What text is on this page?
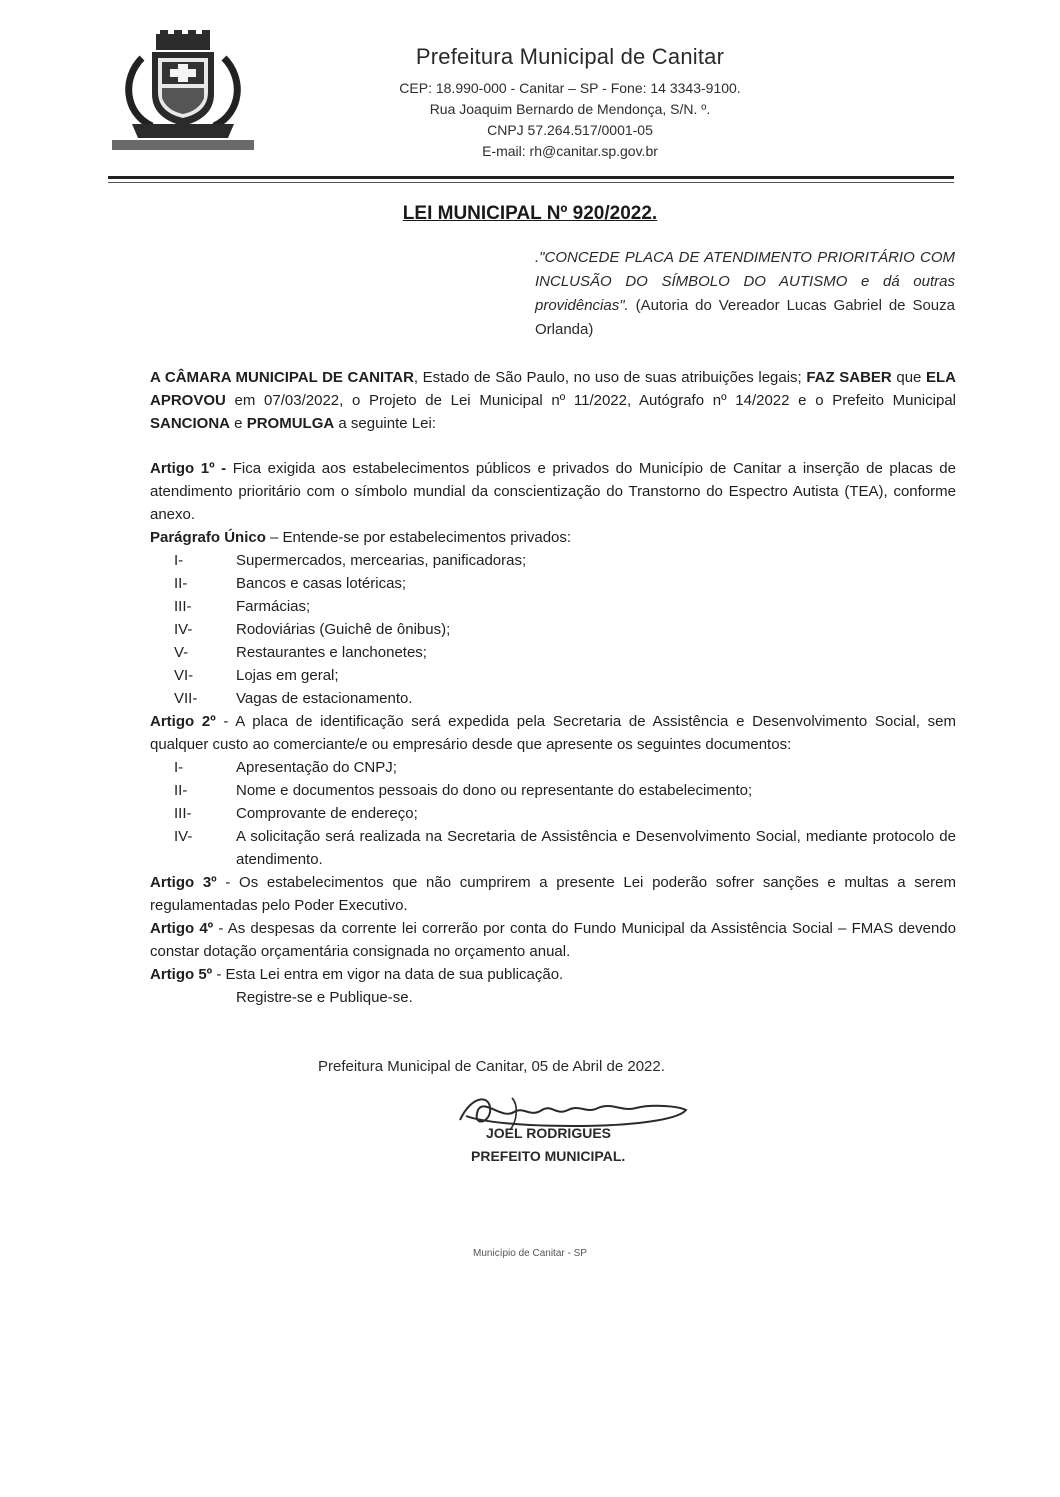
Prefeitura Municipal de Canitar

CEP: 18.990-000 - Canitar – SP - Fone: 14 3343-9100.

Rua Joaquim Bernardo de Mendonça, S/N. º.

CNPJ 57.264.517/0001-05

E-mail: rh@canitar.sp.gov.br

LEI MUNICIPAL Nº 920/2022.
."CONCEDE PLACA DE ATENDIMENTO PRIORITÁRIO COM INCLUSÃO DO SÍMBOLO DO AUTISMO e dá outras providências". (Autoria do Vereador Lucas Gabriel de Souza Orlanda)

A CÂMARA MUNICIPAL DE CANITAR, Estado de São Paulo, no uso de suas atribuições legais; FAZ SABER que ELA APROVOU em 07/03/2022, o Projeto de Lei Municipal nº 11/2022, Autógrafo nº 14/2022 e o Prefeito Municipal SANCIONA e PROMULGA a seguinte Lei:

Artigo 1º - Fica exigida aos estabelecimentos públicos e privados do Município de Canitar a inserção de placas de atendimento prioritário com o símbolo mundial da conscientização do Transtorno do Espectro Autista (TEA), conforme anexo.

Parágrafo Único – Entende-se por estabelecimentos privados:

I-	Supermercados, mercearias, panificadoras;
II-	Bancos e casas lotéricas;
III-	Farmácias;
IV-	Rodoviárias (Guichê de ônibus);
V-	Restaurantes e lanchonetes;
VI-	Lojas em geral;
VII-	Vagas de estacionamento.

Artigo 2º - A placa de identificação será expedida pela Secretaria de Assistência e Desenvolvimento Social, sem qualquer custo ao comerciante/e ou empresário desde que apresente os seguintes documentos:

I-	Apresentação do CNPJ;
II-	Nome e documentos pessoais do dono ou representante do estabelecimento;
III-	Comprovante de endereço;
IV-	A solicitação será realizada na Secretaria de Assistência e Desenvolvimento Social, mediante protocolo de atendimento.

Artigo 3º - Os estabelecimentos que não cumprirem a presente Lei poderão sofrer sanções e multas a serem regulamentadas pelo Poder Executivo.

Artigo 4º - As despesas da corrente lei correrão por conta do Fundo Municipal da Assistência Social – FMAS devendo constar dotação orçamentária consignada no orçamento anual.

Artigo 5º - Esta Lei entra em vigor na data de sua publicação.

Registre-se e Publique-se.

Prefeitura Municipal de Canitar, 05 de Abril de 2022.
JOEL RODRIGUES
PREFEITO MUNICIPAL.
Município de Canitar - SP
